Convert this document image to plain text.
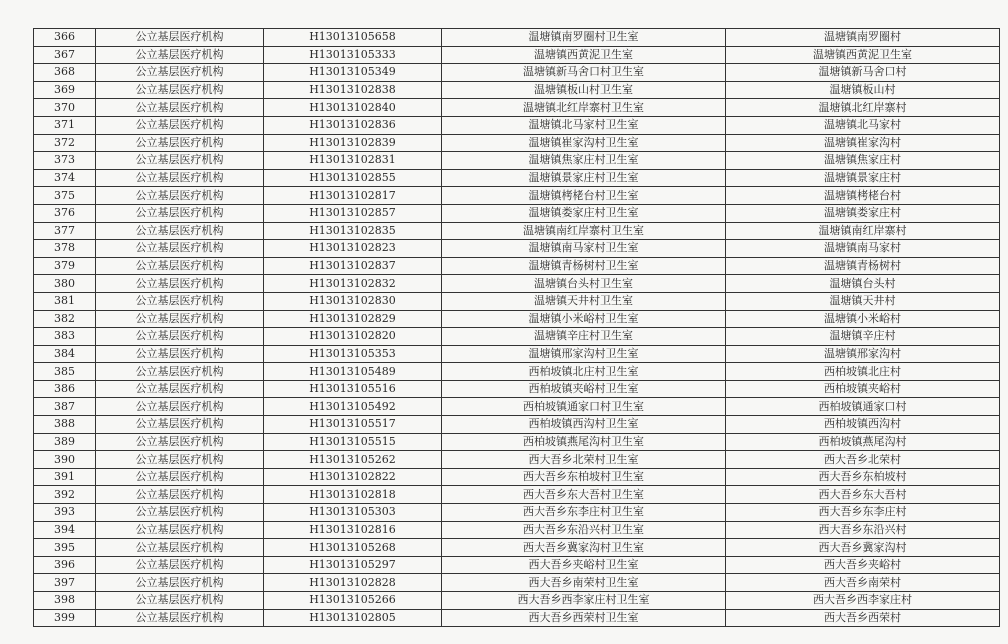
366	公立基层医疗机构	H13013105658	温塘镇南罗圈村卫生室	温塘镇南罗圈村
367	公立基层医疗机构	H13013105333	温塘镇西黄泥卫生室	温塘镇西黄泥卫生室
368	公立基层医疗机构	H13013105349	温塘镇新马舍口村卫生室	温塘镇新马舍口村
369	公立基层医疗机构	H13013102838	温塘镇板山村卫生室	温塘镇板山村
370	公立基层医疗机构	H13013102840	温塘镇北红岸寨村卫生室	温塘镇北红岸寨村
371	公立基层医疗机构	H13013102836	温塘镇北马家村卫生室	温塘镇北马家村
372	公立基层医疗机构	H13013102839	温塘镇崔家沟村卫生室	温塘镇崔家沟村
373	公立基层医疗机构	H13013102831	温塘镇焦家庄村卫生室	温塘镇焦家庄村
374	公立基层医疗机构	H13013102855	温塘镇景家庄村卫生室	温塘镇景家庄村
375	公立基层医疗机构	H13013102817	温塘镇栲栳台村卫生室	温塘镇栲栳台村
376	公立基层医疗机构	H13013102857	温塘镇娄家庄村卫生室	温塘镇娄家庄村
377	公立基层医疗机构	H13013102835	温塘镇南红岸寨村卫生室	温塘镇南红岸寨村
378	公立基层医疗机构	H13013102823	温塘镇南马家村卫生室	温塘镇南马家村
379	公立基层医疗机构	H13013102837	温塘镇青杨树村卫生室	温塘镇青杨树村
380	公立基层医疗机构	H13013102832	温塘镇台头村卫生室	温塘镇台头村
381	公立基层医疗机构	H13013102830	温塘镇天井村卫生室	温塘镇天井村
382	公立基层医疗机构	H13013102829	温塘镇小米峪村卫生室	温塘镇小米峪村
383	公立基层医疗机构	H13013102820	温塘镇辛庄村卫生室	温塘镇辛庄村
384	公立基层医疗机构	H13013105353	温塘镇邢家沟村卫生室	温塘镇邢家沟村
385	公立基层医疗机构	H13013105489	西柏坡镇北庄村卫生室	西柏坡镇北庄村
386	公立基层医疗机构	H13013105516	西柏坡镇夹峪村卫生室	西柏坡镇夹峪村
387	公立基层医疗机构	H13013105492	西柏坡镇通家口村卫生室	西柏坡镇通家口村
388	公立基层医疗机构	H13013105517	西柏坡镇西沟村卫生室	西柏坡镇西沟村
389	公立基层医疗机构	H13013105515	西柏坡镇燕尾沟村卫生室	西柏坡镇燕尾沟村
390	公立基层医疗机构	H13013105262	西大吾乡北荣村卫生室	西大吾乡北荣村
391	公立基层医疗机构	H13013102822	西大吾乡东柏坡村卫生室	西大吾乡东柏坡村
392	公立基层医疗机构	H13013102818	西大吾乡东大吾村卫生室	西大吾乡东大吾村
393	公立基层医疗机构	H13013105303	西大吾乡东李庄村卫生室	西大吾乡东李庄村
394	公立基层医疗机构	H13013102816	西大吾乡东沿兴村卫生室	西大吾乡东沿兴村
395	公立基层医疗机构	H13013105268	西大吾乡冀家沟村卫生室	西大吾乡冀家沟村
396	公立基层医疗机构	H13013105297	西大吾乡夹峪村卫生室	西大吾乡夹峪村
397	公立基层医疗机构	H13013102828	西大吾乡南荣村卫生室	西大吾乡南荣村
398	公立基层医疗机构	H13013105266	西大吾乡西李家庄村卫生室	西大吾乡西李家庄村
399	公立基层医疗机构	H13013102805	西大吾乡西荣村卫生室	西大吾乡西荣村
